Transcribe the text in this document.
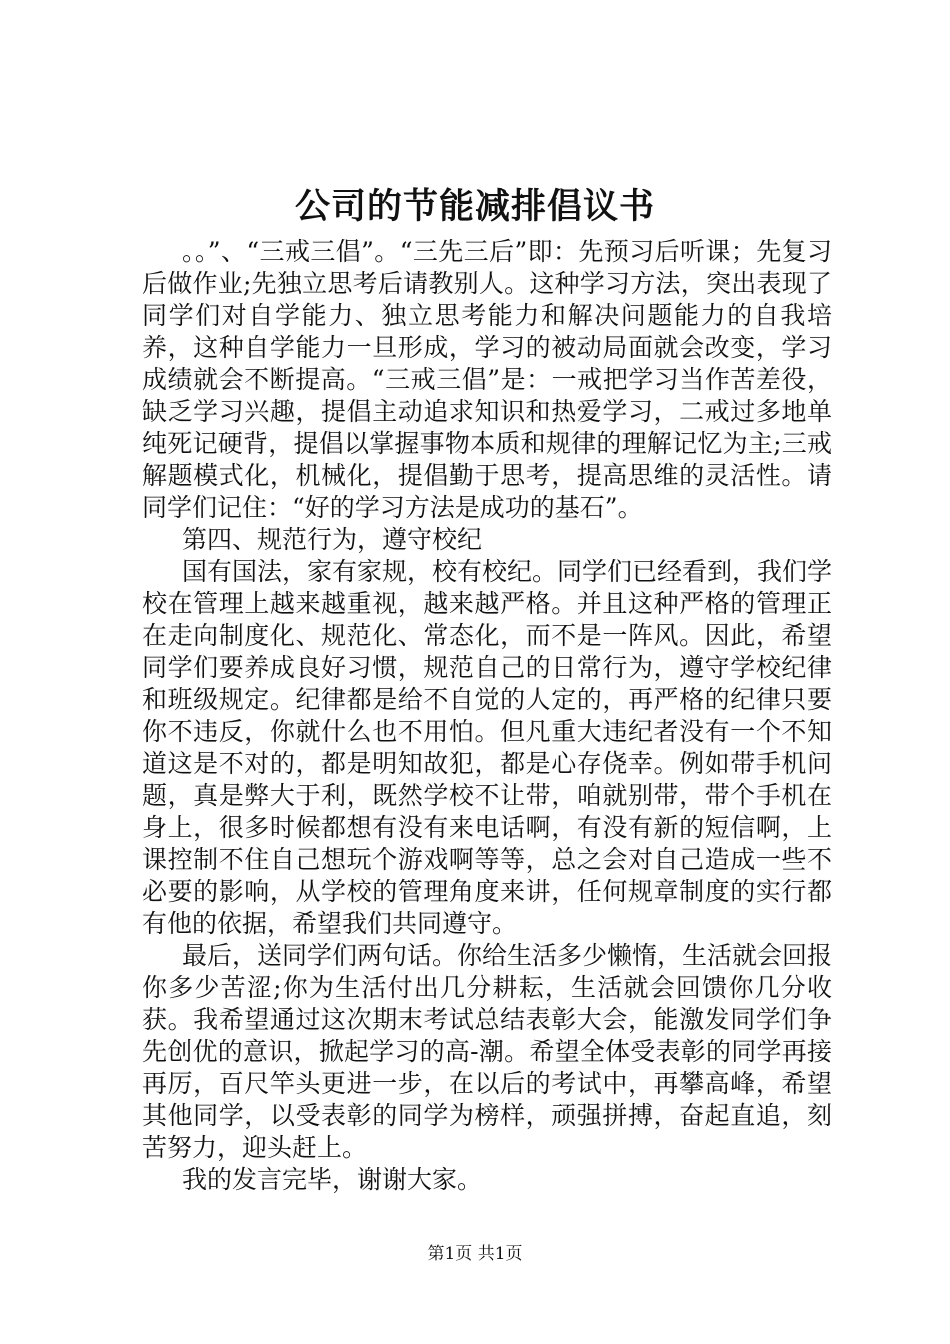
公司的节能减排倡议书

。。”、“三戒三倡”。“三先三后”即：先预习后听课；先复习后做作业;先独立思考后请教别人。这种学习方法，突出表现了同学们对自学能力、独立思考能力和解决问题能力的自我培养，这种自学能力一旦形成，学习的被动局面就会改变，学习成绩就会不断提高。“三戒三倡”是：一戒把学习当作苦差役，缺乏学习兴趣，提倡主动追求知识和热爱学习，二戒过多地单纯死记硬背，提倡以掌握事物本质和规律的理解记忆为主;三戒解题模式化，机械化，提倡勤于思考，提高思维的灵活性。请同学们记住：“好的学习方法是成功的基石”。

第四、规范行为，遵守校纪

国有国法，家有家规，校有校纪。同学们已经看到，我们学校在管理上越来越重视，越来越严格。并且这种严格的管理正在走向制度化、规范化、常态化，而不是一阵风。因此，希望同学们要养成良好习惯，规范自己的日常行为，遵守学校纪律和班级规定。纪律都是给不自觉的人定的，再严格的纪律只要你不违反，你就什么也不用怕。但凡重大违纪者没有一个不知道这是不对的，都是明知故犯，都是心存侥幸。例如带手机问题，真是弊大于利，既然学校不让带，咱就别带，带个手机在身上，很多时候都想有没有来电话啊，有没有新的短信啊，上课控制不住自己想玩个游戏啊等等，总之会对自己造成一些不必要的影响，从学校的管理角度来讲，任何规章制度的实行都有他的依据，希望我们共同遵守。

最后，送同学们两句话。你给生活多少懒惰，生活就会回报你多少苦涩;你为生活付出几分耕耘，生活就会回馈你几分收获。我希望通过这次期末考试总结表彰大会，能激发同学们争先创优的意识，掀起学习的高-潮。希望全体受表彰的同学再接再厉，百尺竿头更进一步，在以后的考试中，再攀高峰，希望其他同学，以受表彰的同学为榜样，顽强拼搏，奋起直追，刻苦努力，迎头赶上。

我的发言完毕，谢谢大家。

第1页 共1页
